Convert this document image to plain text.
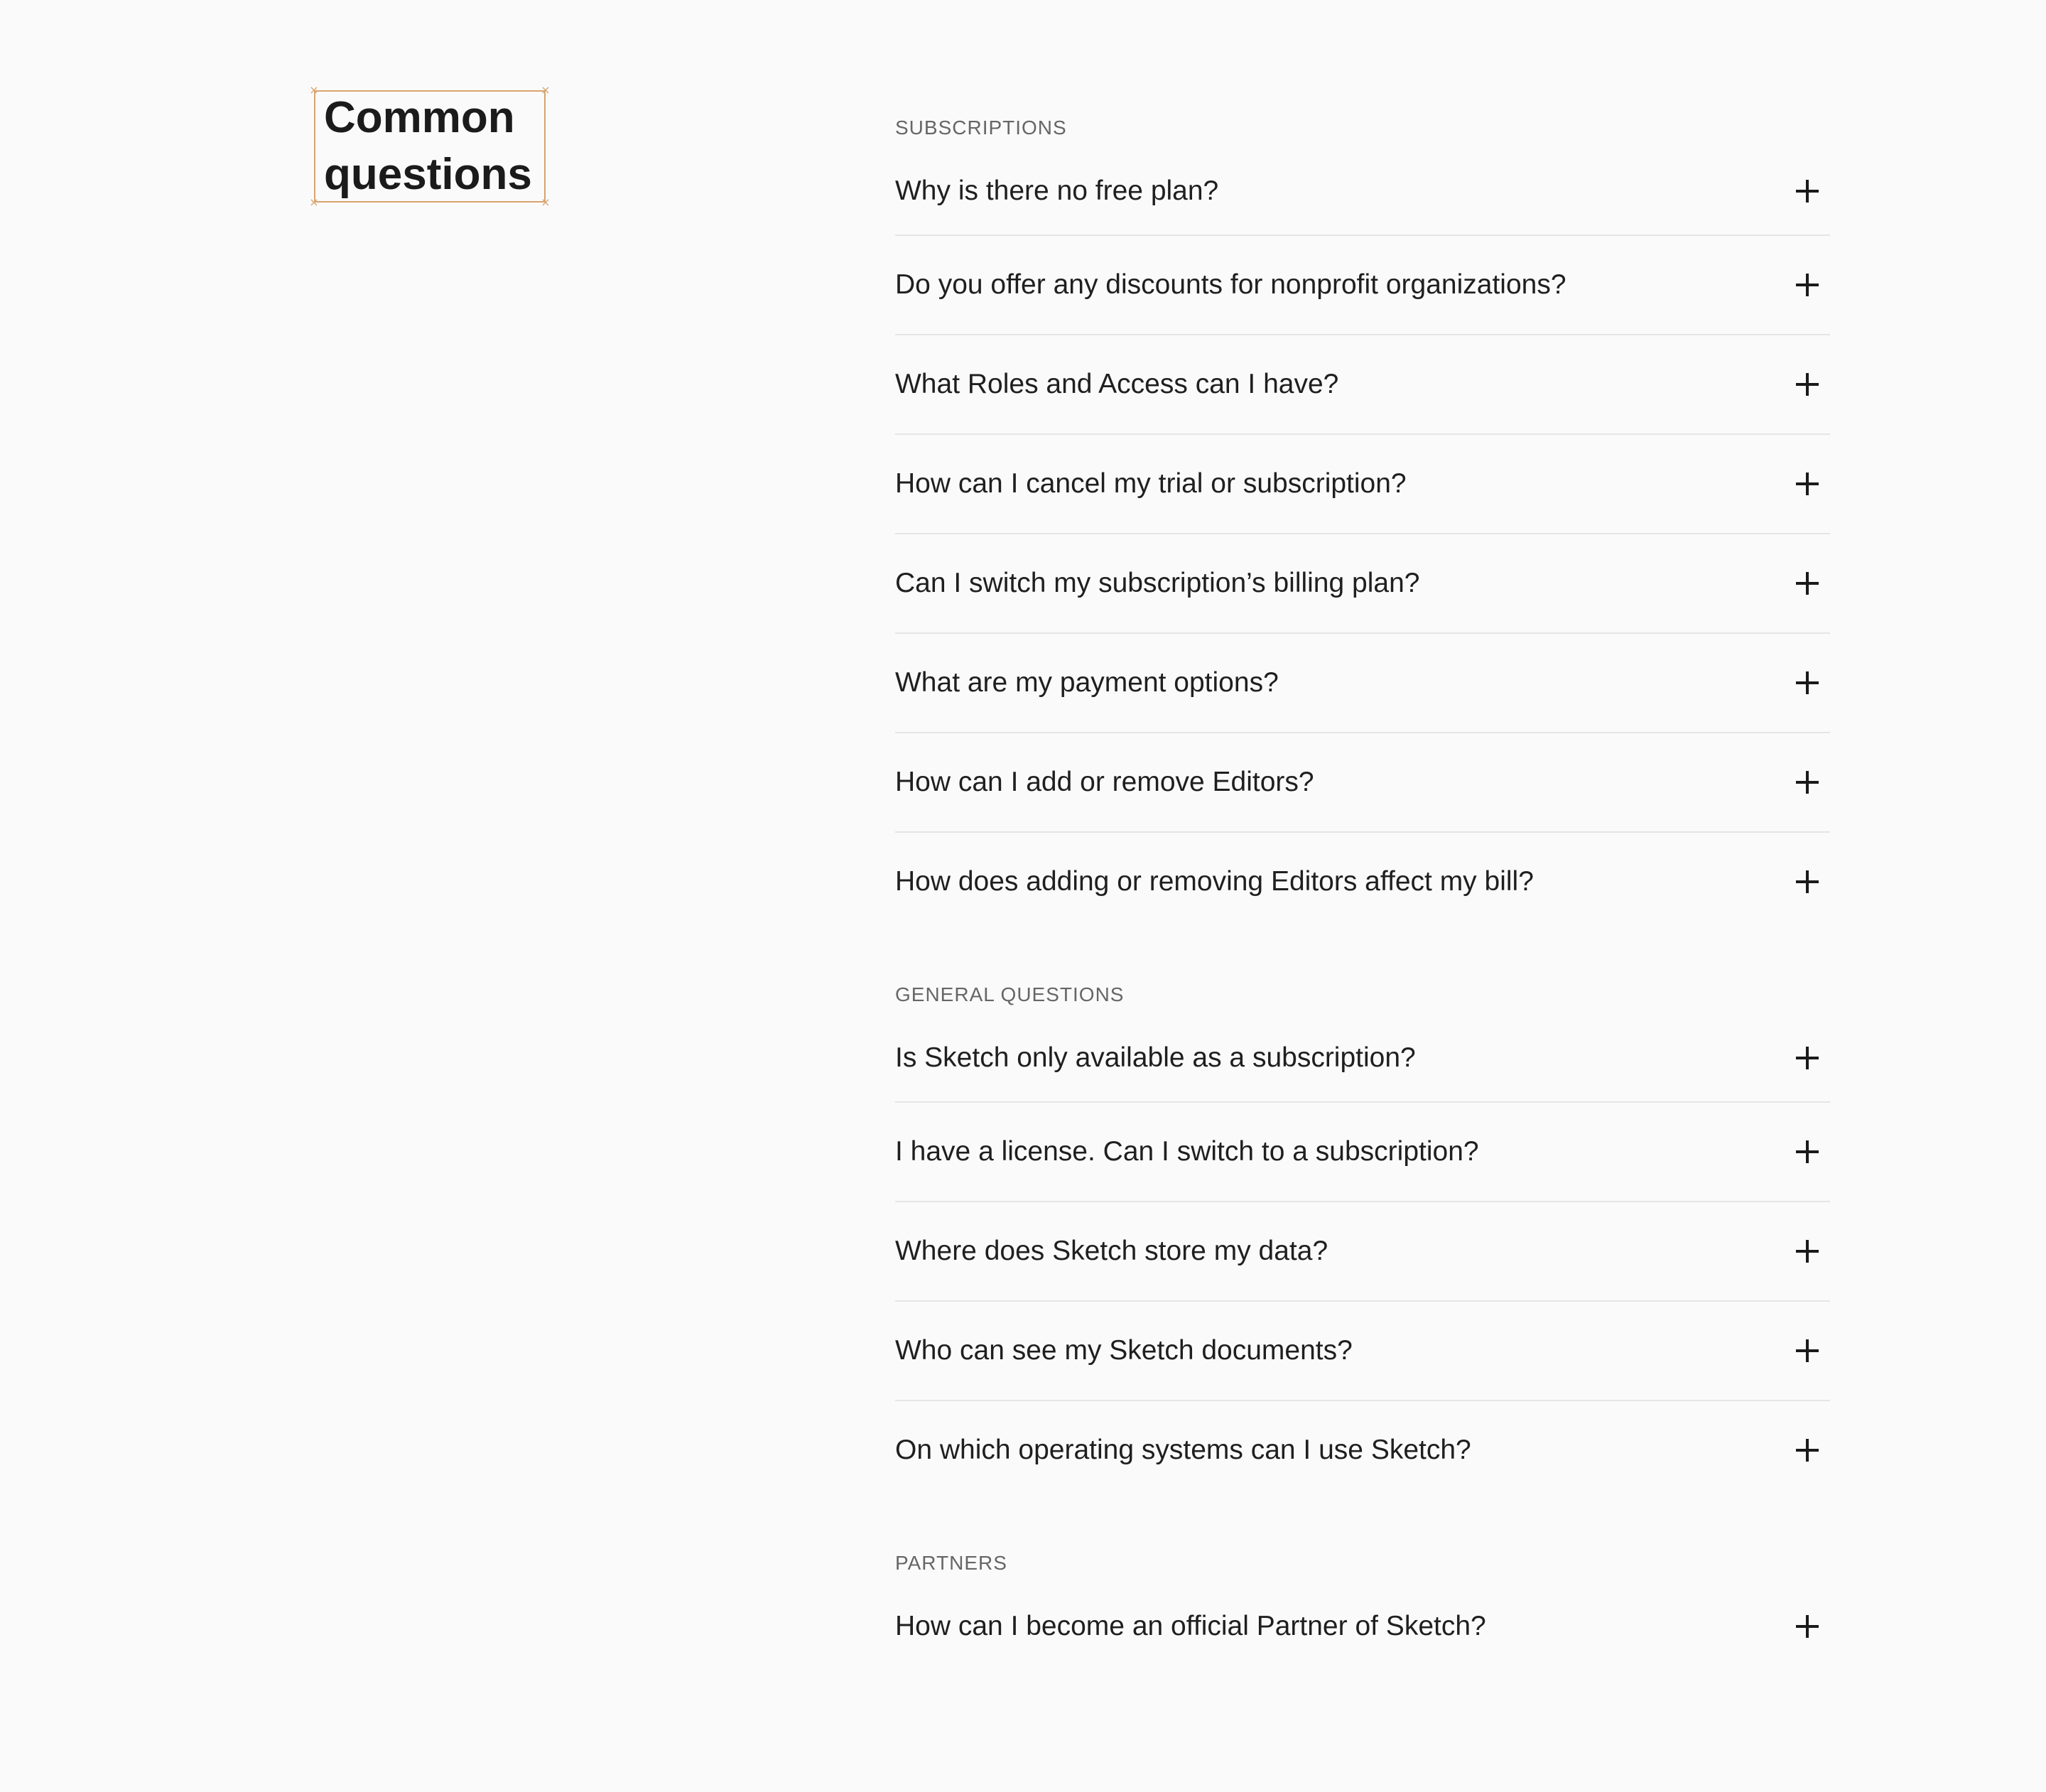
×	×
×	×
Common questions
SUBSCRIPTIONS
Why is there no free plan?
Do you offer any discounts for nonprofit organizations?
What Roles and Access can I have?
How can I cancel my trial or subscription?
Can I switch my subscription’s billing plan?
What are my payment options?
How can I add or remove Editors?
How does adding or removing Editors affect my bill?
GENERAL QUESTIONS
Is Sketch only available as a subscription?
I have a license. Can I switch to a subscription?
Where does Sketch store my data?
Who can see my Sketch documents?
On which operating systems can I use Sketch?
PARTNERS
How can I become an official Partner of Sketch?
